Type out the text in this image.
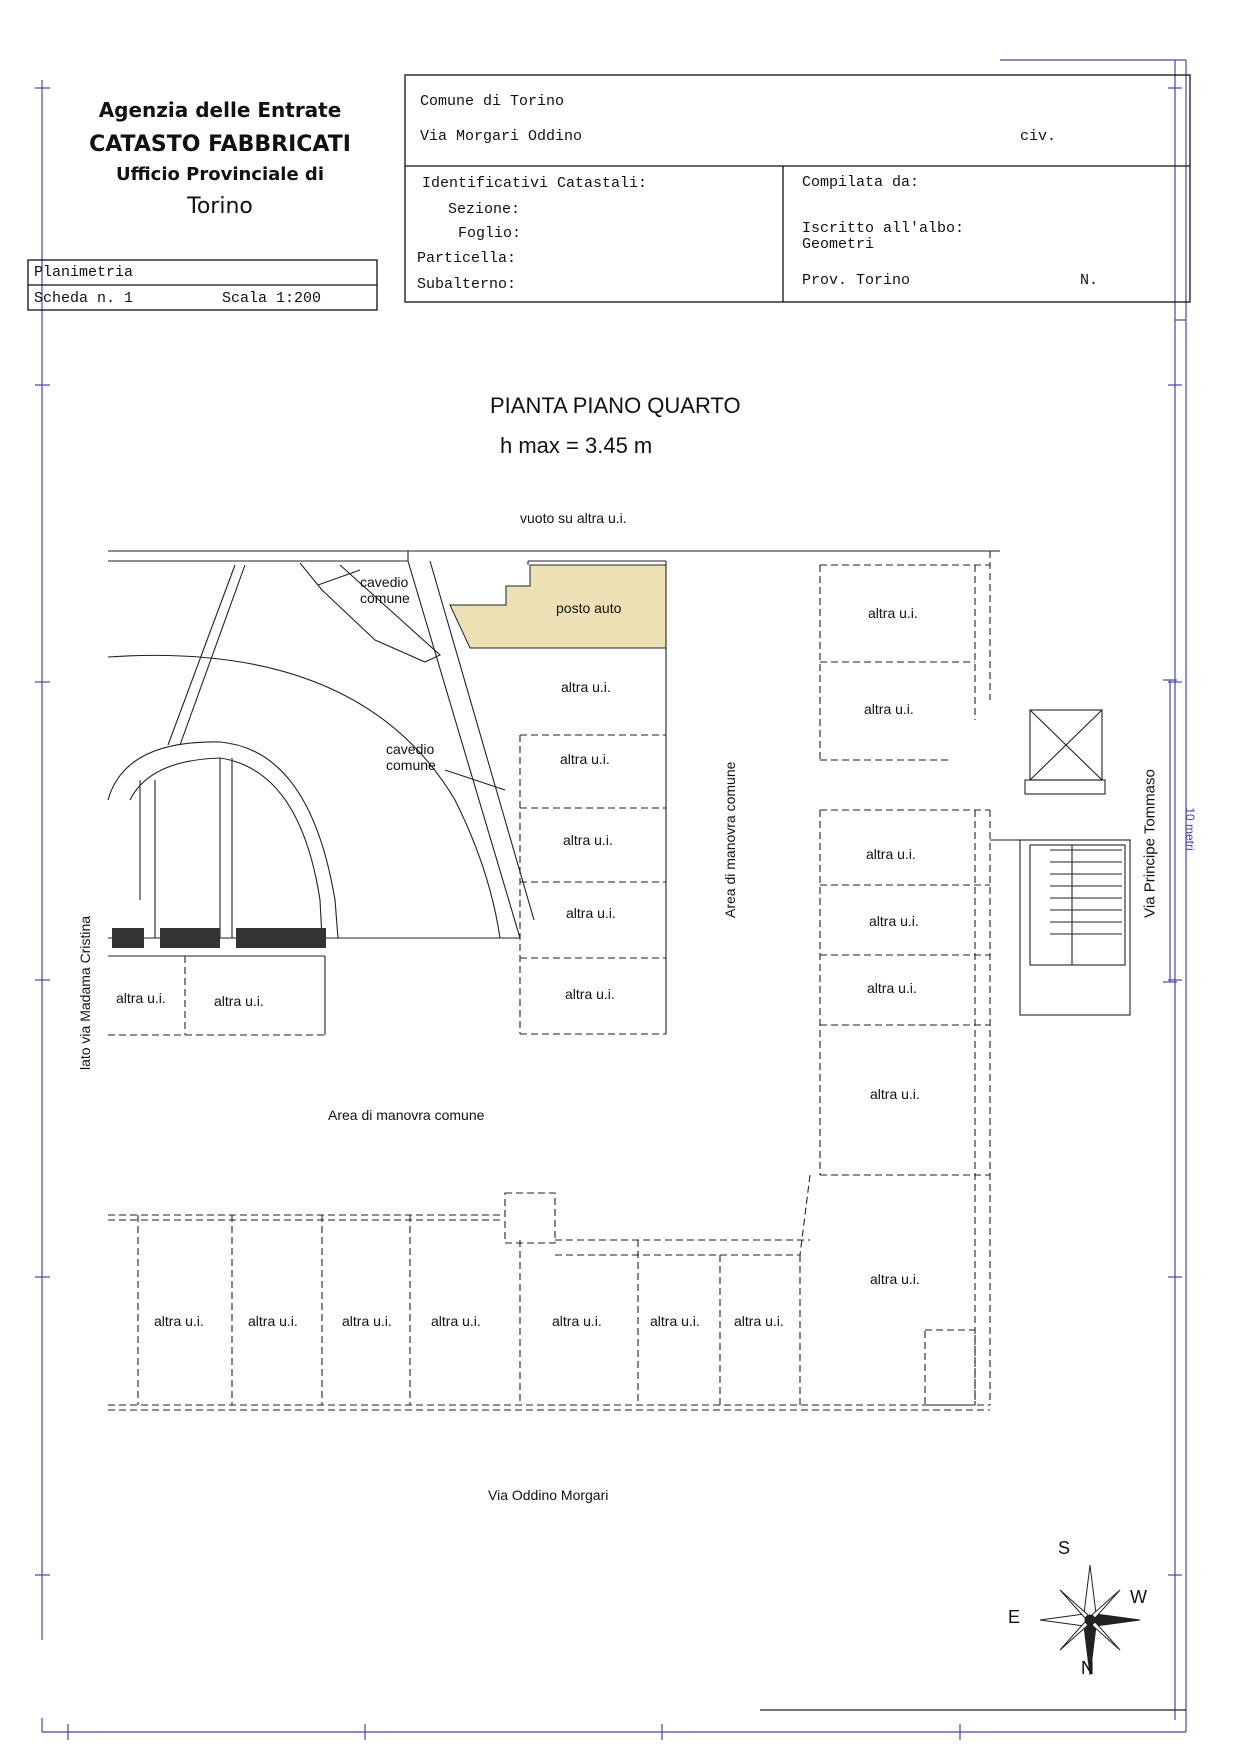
Agenzia delle Entrate
CATASTO FABBRICATI
Ufficio Provinciale di
Torino
Planimetria
Scheda n. 1	Scala 1:200
Comune di Torino
Via Morgari Oddino	civ.
Identificativi Catastali:
Sezione:
Foglio:
Particella:
Subalterno:
Compilata da:
Iscritto all'albo:
Geometri
Prov. Torino	N.
PIANTA PIANO QUARTO
h max = 3.45 m
vuoto su altra u.i.
cavedio
comune
cavedio
comune
posto auto
altra u.i.
altra u.i.
altra u.i.
altra u.i.
altra u.i.
altra u.i.	altra u.i.
altra u.i.
altra u.i.
altra u.i.
altra u.i.
altra u.i.
altra u.i.
altra u.i.
altra u.i.	altra u.i.	altra u.i.	altra u.i.	altra u.i.	altra u.i. altra u.i.
Area di manovra comune
Area di manovra comune
lato via Madama Cristina
Via Principe Tommaso 10 metri
Via Oddino Morgari
S
W
E
N
